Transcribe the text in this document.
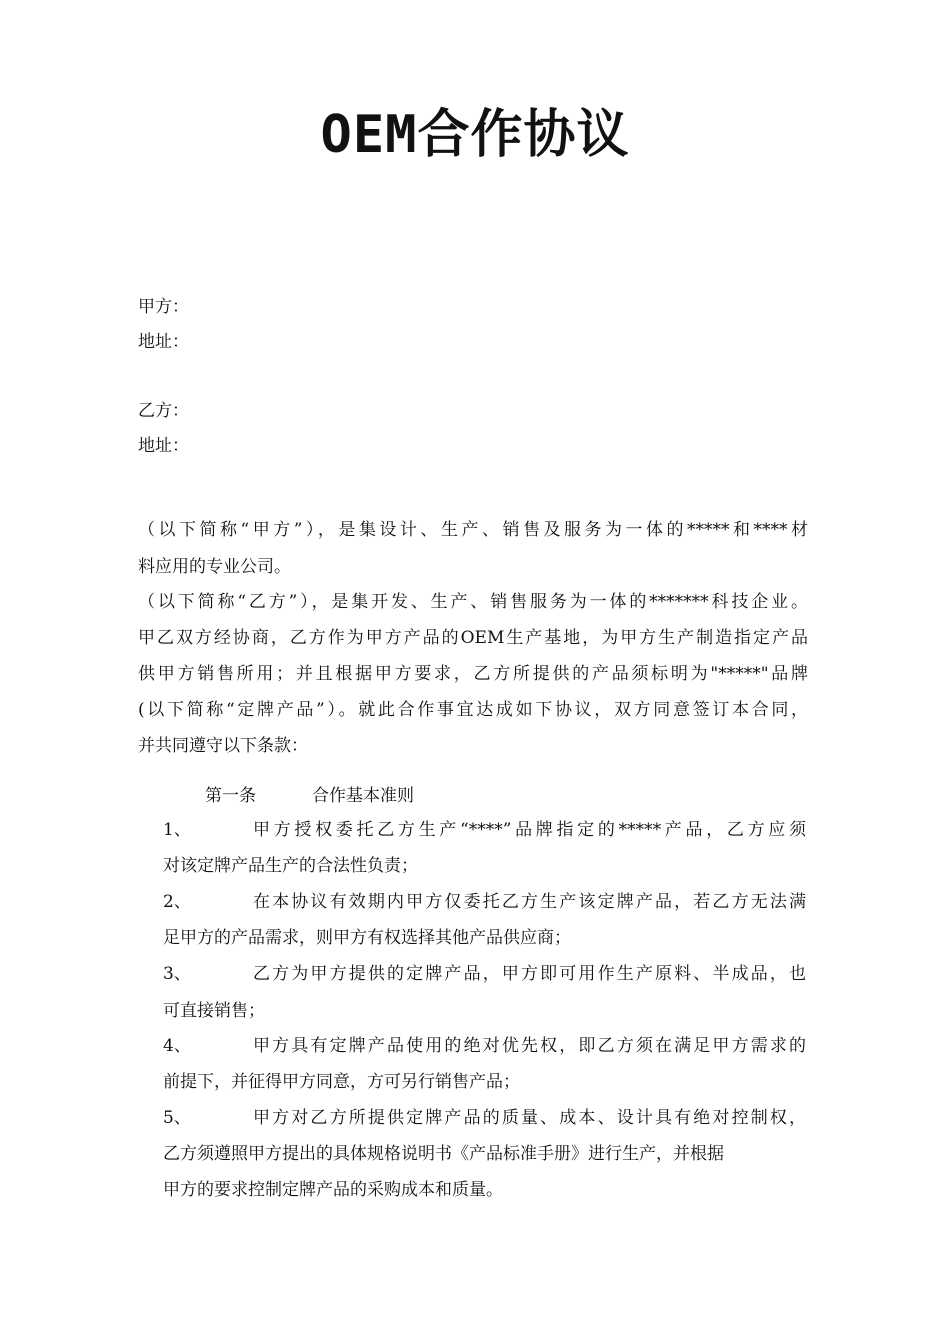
OEM合作协议
甲方：
地址：
乙方：
地址：
（以下简称“甲方”），是集设计、生产、销售及服务为一体的*****和****材
料应用的专业公司。
（以下简称“乙方”），是集开发、生产、销售服务为一体的*******科技企业。
甲乙双方经协商，乙方作为甲方产品的OEM生产基地，为甲方生产制造指定产品
供甲方销售所用；并且根据甲方要求，乙方所提供的产品须标明为"*****"品牌
(以下简称“定牌产品”）。就此合作事宜达成如下协议，双方同意签订本合同，
并共同遵守以下条款：
第一条	合作基本准则
1、	甲方授权委托乙方生产“****”品牌指定的*****产品，乙方应须
对该定牌产品生产的合法性负责；
2、	在本协议有效期内甲方仅委托乙方生产该定牌产品，若乙方无法满
足甲方的产品需求，则甲方有权选择其他产品供应商；
3、	乙方为甲方提供的定牌产品，甲方即可用作生产原料、半成品，也
可直接销售；
4、	甲方具有定牌产品使用的绝对优先权，即乙方须在满足甲方需求的
前提下，并征得甲方同意，方可另行销售产品；
5、	甲方对乙方所提供定牌产品的质量、成本、设计具有绝对控制权，
乙方须遵照甲方提出的具体规格说明书《产品标准手册》进行生产，并根据
甲方的要求控制定牌产品的采购成本和质量。
